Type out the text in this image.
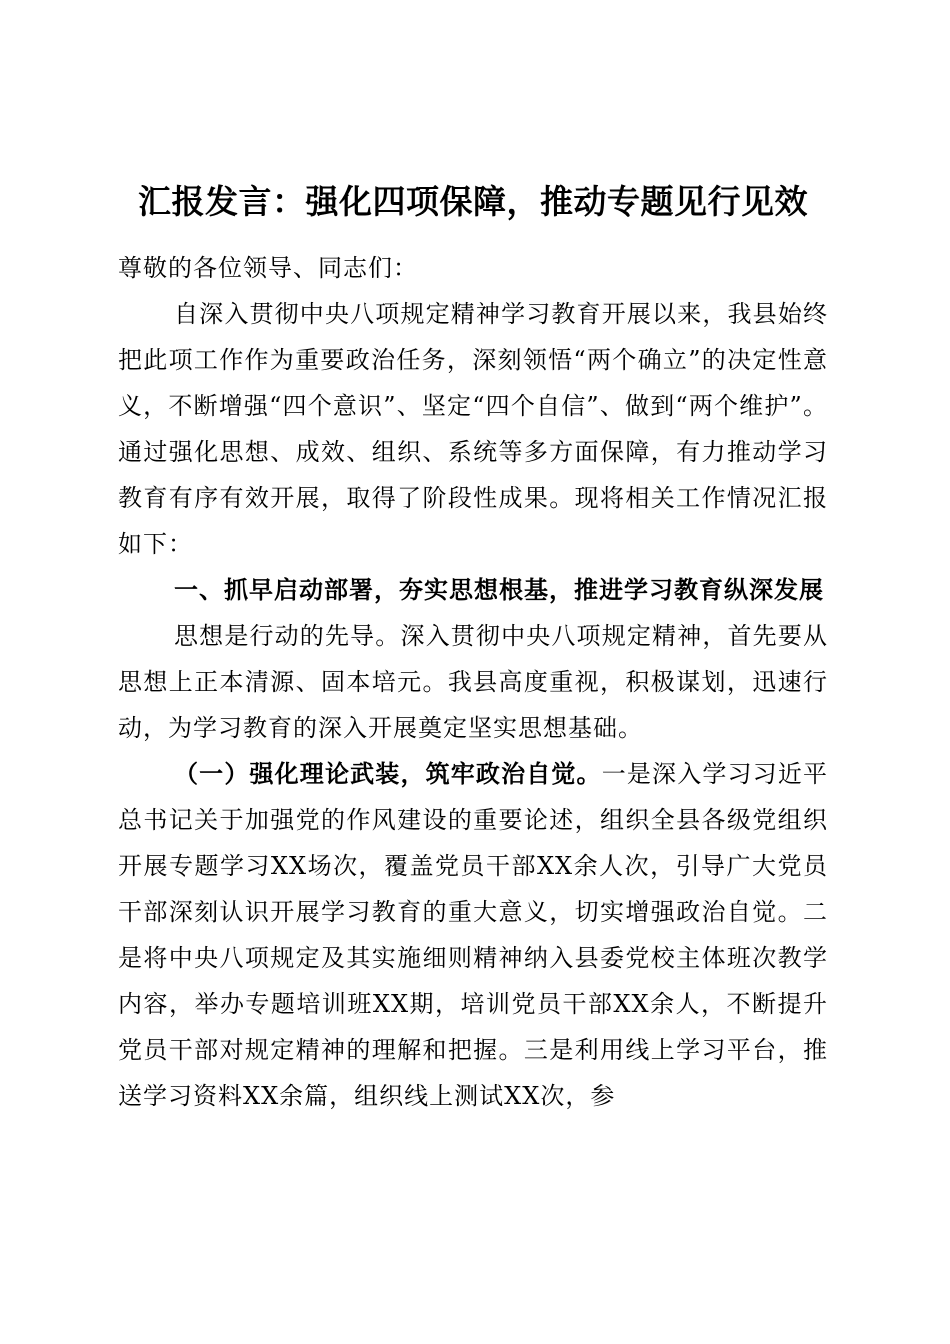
汇报发言：强化四项保障，推动专题见行见效

尊敬的各位领导、同志们：

自深入贯彻中央八项规定精神学习教育开展以来，我县始终把此项工作作为重要政治任务，深刻领悟“两个确立”的决定性意义，不断增强“四个意识”、坚定“四个自信”、做到“两个维护”。通过强化思想、成效、组织、系统等多方面保障，有力推动学习教育有序有效开展，取得了阶段性成果。现将相关工作情况汇报如下：

一、抓早启动部署，夯实思想根基，推进学习教育纵深发展

思想是行动的先导。深入贯彻中央八项规定精神，首先要从思想上正本清源、固本培元。我县高度重视，积极谋划，迅速行动，为学习教育的深入开展奠定坚实思想基础。

（一）强化理论武装，筑牢政治自觉。一是深入学习习近平总书记关于加强党的作风建设的重要论述，组织全县各级党组织开展专题学习XX场次，覆盖党员干部XX余人次，引导广大党员干部深刻认识开展学习教育的重大意义，切实增强政治自觉。二是将中央八项规定及其实施细则精神纳入县委党校主体班次教学内容，举办专题培训班XX期，培训党员干部XX余人，不断提升党员干部对规定精神的理解和把握。三是利用线上学习平台，推送学习资料XX余篇，组织线上测试XX次，参
